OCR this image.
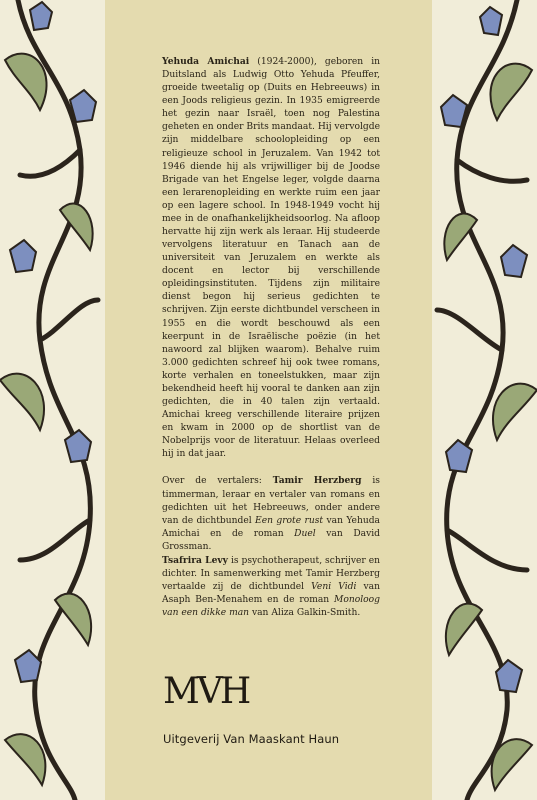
Yehuda Amichai (1924-2000), geboren in Duitsland als Ludwig Otto Yehuda Pfeuffer, groeide tweetalig op (Duits en Hebreeuws) in een Joods religieus gezin. In 1935 emigreerde het gezin naar Israël, toen nog Palestina geheten en onder Brits mandaat. Hij vervolgde zijn middelbare schoolopleiding op een religieuze school in Jeruzalem. Van 1942 tot 1946 diende hij als vrijwilliger bij de Joodse Brigade van het Engelse leger, volgde daarna een lerarenopleiding en werkte ruim een jaar op een lagere school. In 1948-1949 vocht hij mee in de onafhankelijkheidsoorlog. Na afloop hervatte hij zijn werk als leraar. Hij studeerde vervolgens literatuur en Tanach aan de universiteit van Jeruzalem en werkte als docent en lector bij verschillende opleidingsinstituten. Tijdens zijn militaire dienst begon hij serieus gedichten te schrijven. Zijn eerste dichtbundel verscheen in 1955 en die wordt beschouwd als een keerpunt in de Israëlische poëzie (in het nawoord zal blijken waarom). Behalve ruim 3.000 gedichten schreef hij ook twee romans, korte verhalen en toneelstukken, maar zijn bekendheid heeft hij vooral te danken aan zijn gedichten, die in 40 talen zijn vertaald. Amichai kreeg verschillende literaire prijzen en kwam in 2000 op de shortlist van de Nobelprijs voor de literatuur. Helaas overleed hij in dat jaar.

Over de vertalers: Tamir Herzberg is timmerman, leraar en vertaler van romans en gedichten uit het Hebreeuws, onder andere van de dichtbundel Een grote rust van Yehuda Amichai en de roman Duel van David Grossman.

Tsafrira Levy is psychotherapeut, schrijver en dichter. In samenwerking met Tamir Herzberg vertaalde zij de dichtbundel Veni Vidi van Asaph Ben-Menahem en de roman Monoloog van een dikke man van Aliza Galkin-Smith.

MVH
Uitgeverij Van Maaskant Haun
